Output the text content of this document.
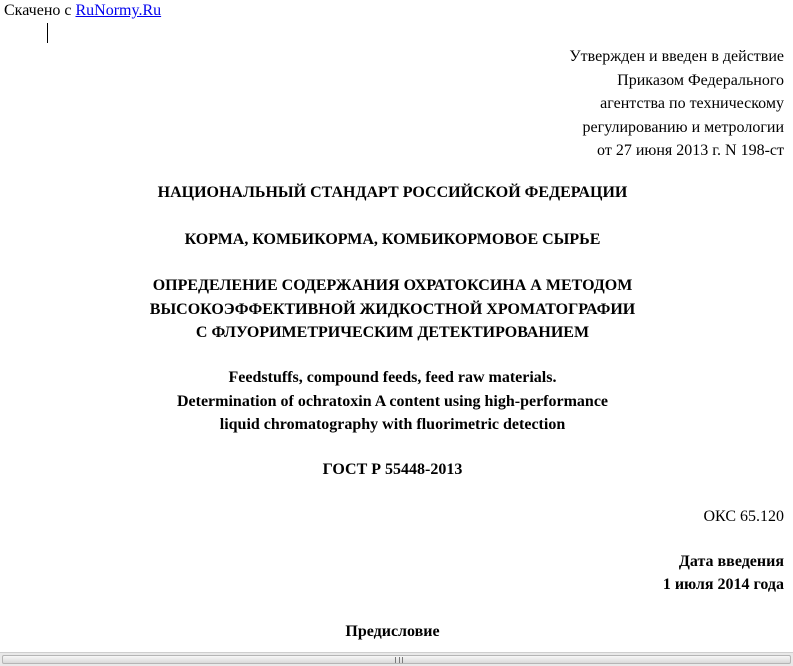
Скачено с RuNormy.Ru
Утвержден и введен в действие
Приказом Федерального
агентства по техническому
регулированию и метрологии
от 27 июня 2013 г. N 198-ст
НАЦИОНАЛЬНЫЙ СТАНДАРТ РОССИЙСКОЙ ФЕДЕРАЦИИ
КОРМА, КОМБИКОРМА, КОМБИКОРМОВОЕ СЫРЬЕ
ОПРЕДЕЛЕНИЕ СОДЕРЖАНИЯ ОХРАТОКСИНА А МЕТОДОМ
ВЫСОКОЭФФЕКТИВНОЙ ЖИДКОСТНОЙ ХРОМАТОГРАФИИ
С ФЛУОРИМЕТРИЧЕСКИМ ДЕТЕКТИРОВАНИЕМ
Feedstuffs, compound feeds, feed raw materials.
Determination of ochratoxin A content using high-performance
liquid chromatography with fluorimetric detection
ГОСТ Р 55448-2013
ОКС 65.120
Дата введения
1 июля 2014 года
Предисловие
